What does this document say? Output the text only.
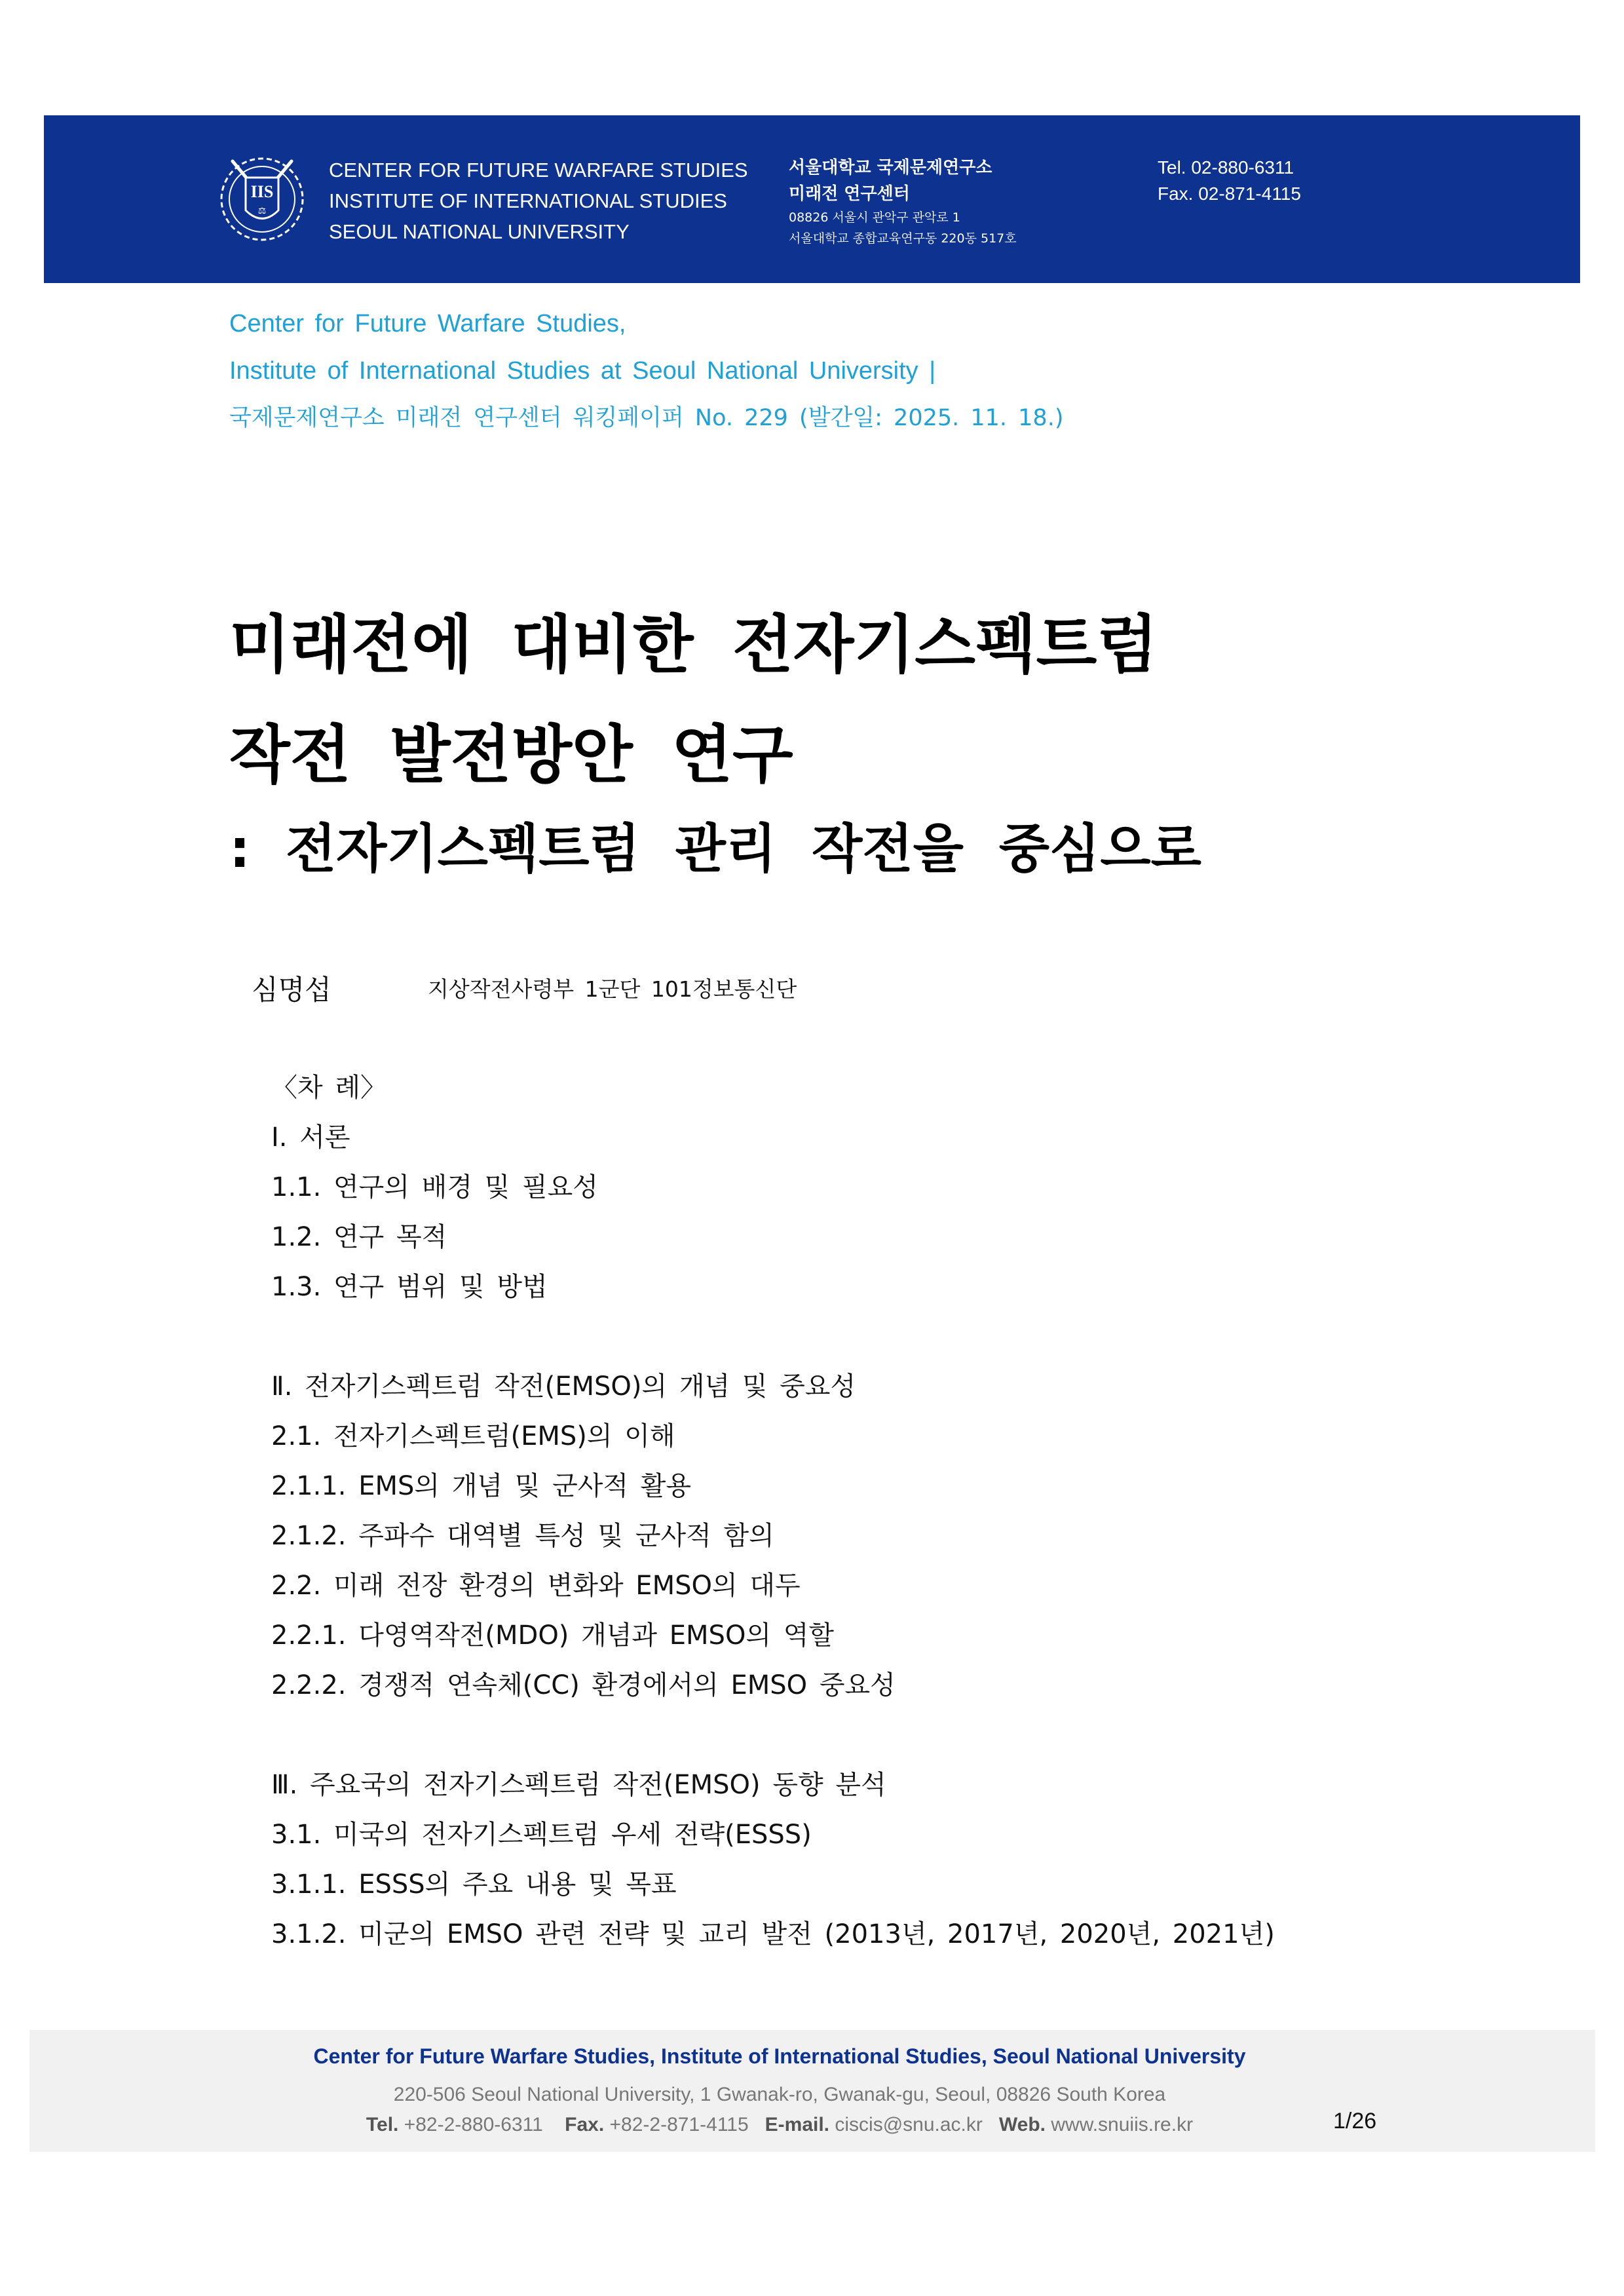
IIS
⚖
CENTER FOR FUTURE WARFARE STUDIES
INSTITUTE OF INTERNATIONAL STUDIES
SEOUL NATIONAL UNIVERSITY
서울대학교 국제문제연구소
미래전 연구센터
08826 서울시 관악구 관악로 1
서울대학교 종합교육연구동 220동 517호
Tel. 02-880-6311
Fax. 02-871-4115
Center for Future Warfare Studies,
Institute of International Studies at Seoul National University |
국제문제연구소 미래전 연구센터 워킹페이퍼 No. 229 (발간일: 2025. 11. 18.)
미래전에 대비한 전자기스펙트럼
작전 발전방안 연구
: 전자기스펙트럼 관리 작전을 중심으로
심명섭	지상작전사령부 1군단 101정보통신단
〈차 례〉
Ⅰ. 서론
1.1. 연구의 배경 및 필요성
1.2. 연구 목적
1.3. 연구 범위 및 방법
Ⅱ. 전자기스펙트럼 작전(EMSO)의 개념 및 중요성
2.1. 전자기스펙트럼(EMS)의 이해
2.1.1. EMS의 개념 및 군사적 활용
2.1.2. 주파수 대역별 특성 및 군사적 함의
2.2. 미래 전장 환경의 변화와 EMSO의 대두
2.2.1. 다영역작전(MDO) 개념과 EMSO의 역할
2.2.2. 경쟁적 연속체(CC) 환경에서의 EMSO 중요성
Ⅲ. 주요국의 전자기스펙트럼 작전(EMSO) 동향 분석
3.1. 미국의 전자기스펙트럼 우세 전략(ESSS)
3.1.1. ESSS의 주요 내용 및 목표
3.1.2. 미군의 EMSO 관련 전략 및 교리 발전 (2013년, 2017년, 2020년, 2021년)
Center for Future Warfare Studies, Institute of International Studies, Seoul National University
220-506 Seoul National University, 1 Gwanak-ro, Gwanak-gu, Seoul, 08826 South Korea
Tel. +82-2-880-6311 Fax. +82-2-871-4115 E-mail. ciscis@snu.ac.kr Web. www.snuiis.re.kr	1/26
